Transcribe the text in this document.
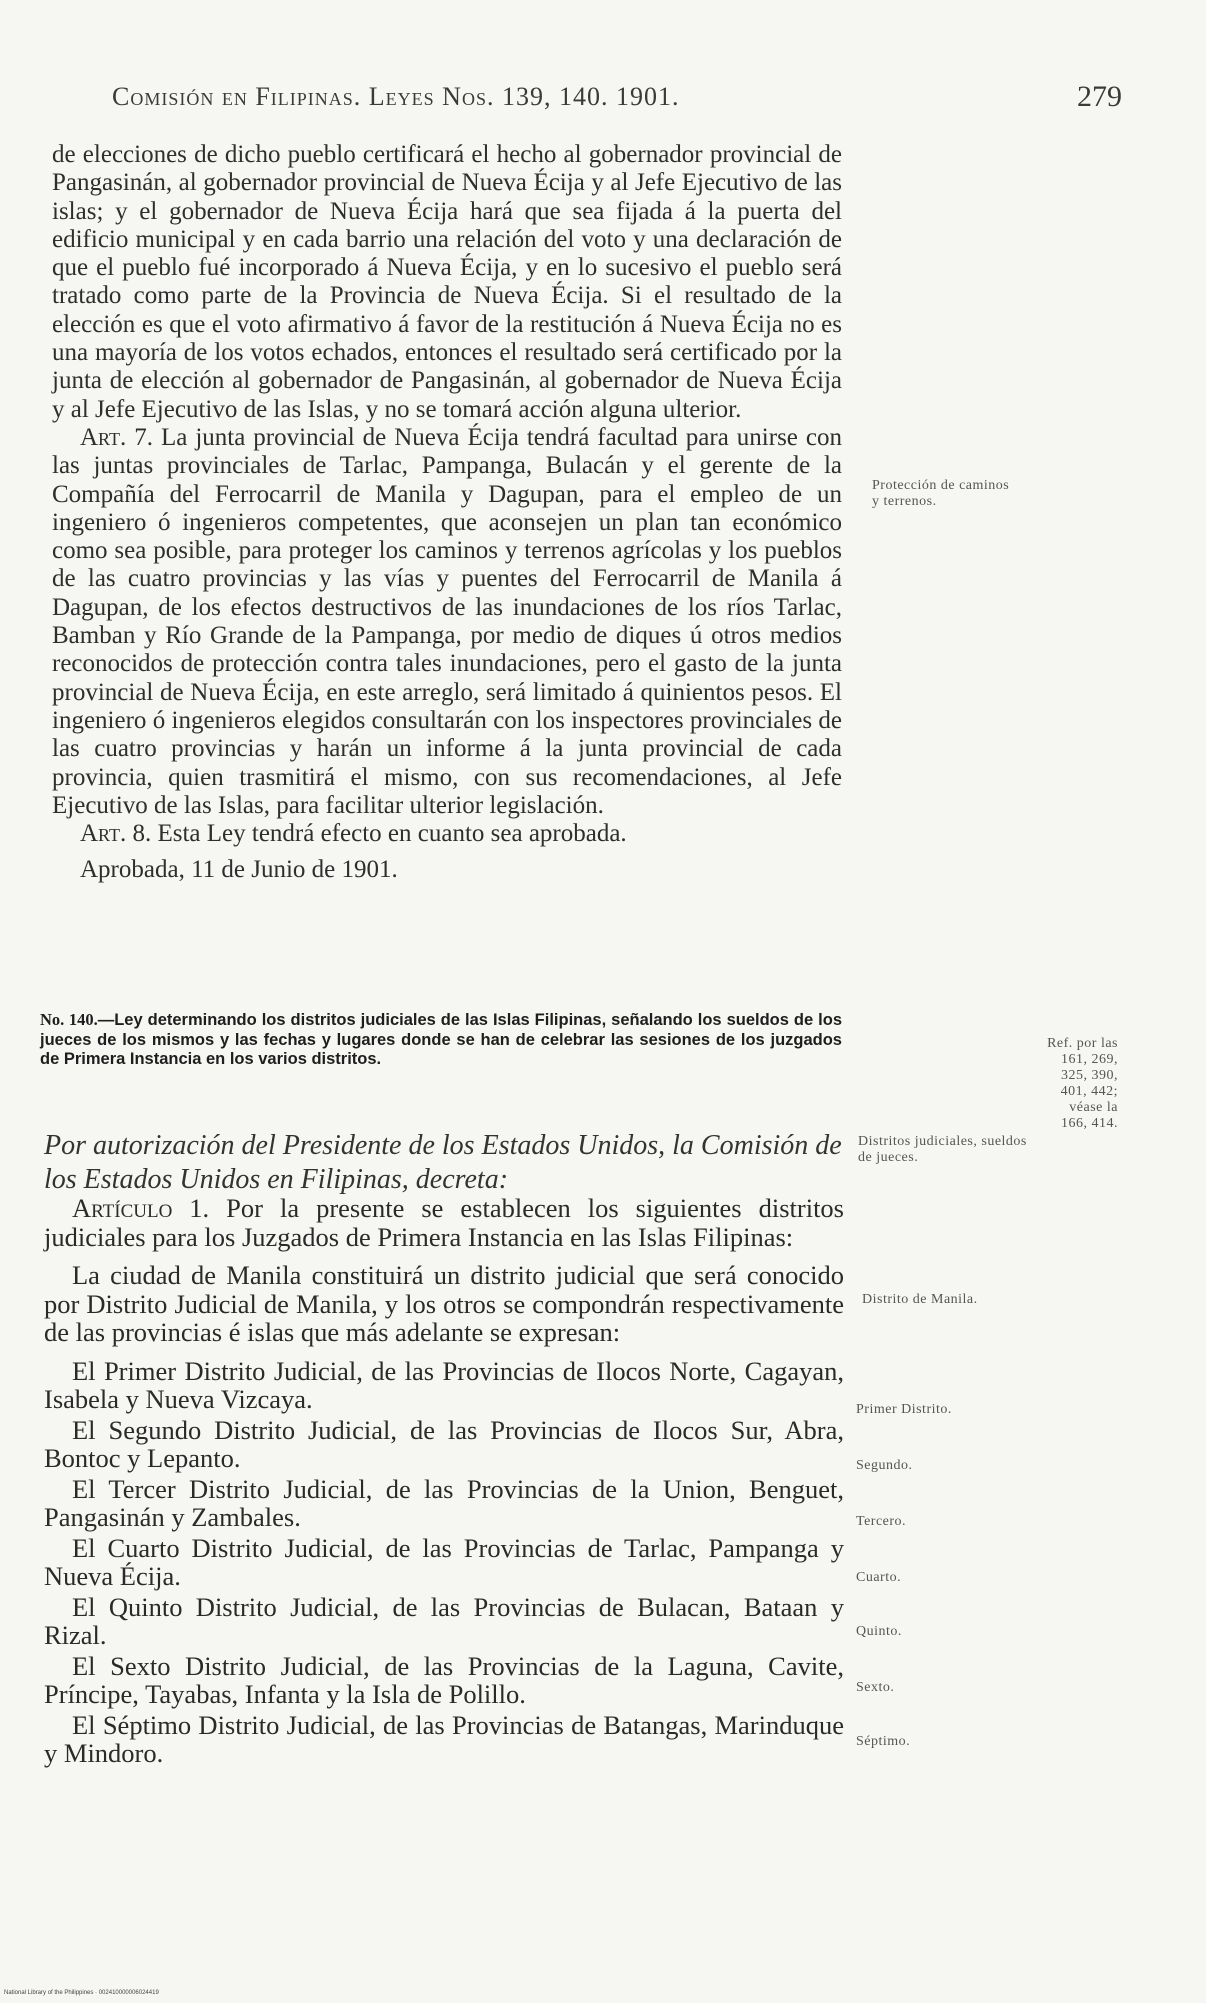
Comisión en Filipinas. Leyes Nos. 139, 140. 1901.	279

de elecciones de dicho pueblo certificará el hecho al gobernador provincial de Pangasinán, al gobernador provincial de Nueva Écija y al Jefe Ejecutivo de las islas; y el gobernador de Nueva Écija hará que sea fijada á la puerta del edificio municipal y en cada barrio una relación del voto y una declaración de que el pueblo fué incorporado á Nueva Écija, y en lo sucesivo el pueblo será tratado como parte de la Provincia de Nueva Écija. Si el resultado de la elección es que el voto afirmativo á favor de la restitución á Nueva Écija no es una mayoría de los votos echados, entonces el resultado será certificado por la junta de elección al gobernador de Pangasinán, al gobernador de Nueva Écija y al Jefe Ejecutivo de las Islas, y no se tomará acción alguna ulterior.

Art. 7. La junta provincial de Nueva Écija tendrá facultad para unirse con las juntas provinciales de Tarlac, Pampanga, Bulacán y el gerente de la Compañía del Ferrocarril de Manila y Dagupan, para el empleo de un ingeniero ó ingenieros competentes, que aconsejen un plan tan económico como sea posible, para proteger los caminos y terrenos agrícolas y los pueblos de las cuatro provincias y las vías y puentes del Ferrocarril de Manila á Dagupan, de los efectos destructivos de las inundaciones de los ríos Tarlac, Bamban y Río Grande de la Pampanga, por medio de diques ú otros medios reconocidos de protección contra tales inundaciones, pero el gasto de la junta provincial de Nueva Écija, en este arreglo, será limitado á quinientos pesos. El ingeniero ó ingenieros elegidos consultarán con los inspectores provinciales de las cuatro provincias y harán un informe á la junta provincial de cada provincia, quien trasmitirá el mismo, con sus recomendaciones, al Jefe Ejecutivo de las Islas, para facilitar ulterior legislación.

Art. 8. Esta Ley tendrá efecto en cuanto sea aprobada.

Aprobada, 11 de Junio de 1901.

Protección de caminos y terrenos.
No. 140.—Ley determinando los distritos judiciales de las Islas Filipinas, señalando los sueldos de los jueces de los mismos y las fechas y lugares donde se han de celebrar las sesiones de los juzgados de Primera Instancia en los varios distritos.
Ref. por las 161, 269, 325, 390, 401, 442; véase la 166, 414.
Por autorización del Presidente de los Estados Unidos, la Comisión de los Estados Unidos en Filipinas, decreta:
Distritos judiciales, sueldos de jueces.

Artículo 1. Por la presente se establecen los siguientes distritos judiciales para los Juzgados de Primera Instancia en las Islas Filipinas:

La ciudad de Manila constituirá un distrito judicial que será conocido por Distrito Judicial de Manila, y los otros se compondrán respectivamente de las provincias é islas que más adelante se expresan:

El Primer Distrito Judicial, de las Provincias de Ilocos Norte, Cagayan, Isabela y Nueva Vizcaya.

El Segundo Distrito Judicial, de las Provincias de Ilocos Sur, Abra, Bontoc y Lepanto.

El Tercer Distrito Judicial, de las Provincias de la Union, Benguet, Pangasinán y Zambales.

El Cuarto Distrito Judicial, de las Provincias de Tarlac, Pampanga y Nueva Écija.

El Quinto Distrito Judicial, de las Provincias de Bulacan, Bataan y Rizal.

El Sexto Distrito Judicial, de las Provincias de la Laguna, Cavite, Príncipe, Tayabas, Infanta y la Isla de Polillo.

El Séptimo Distrito Judicial, de las Provincias de Batangas, Marinduque y Mindoro.

Distrito de Manila.
Primer Distrito.
Segundo.
Tercero.
Cuarto.
Quinto.
Sexto.
Séptimo.
National Library of the Philippines · 002410000006024419
